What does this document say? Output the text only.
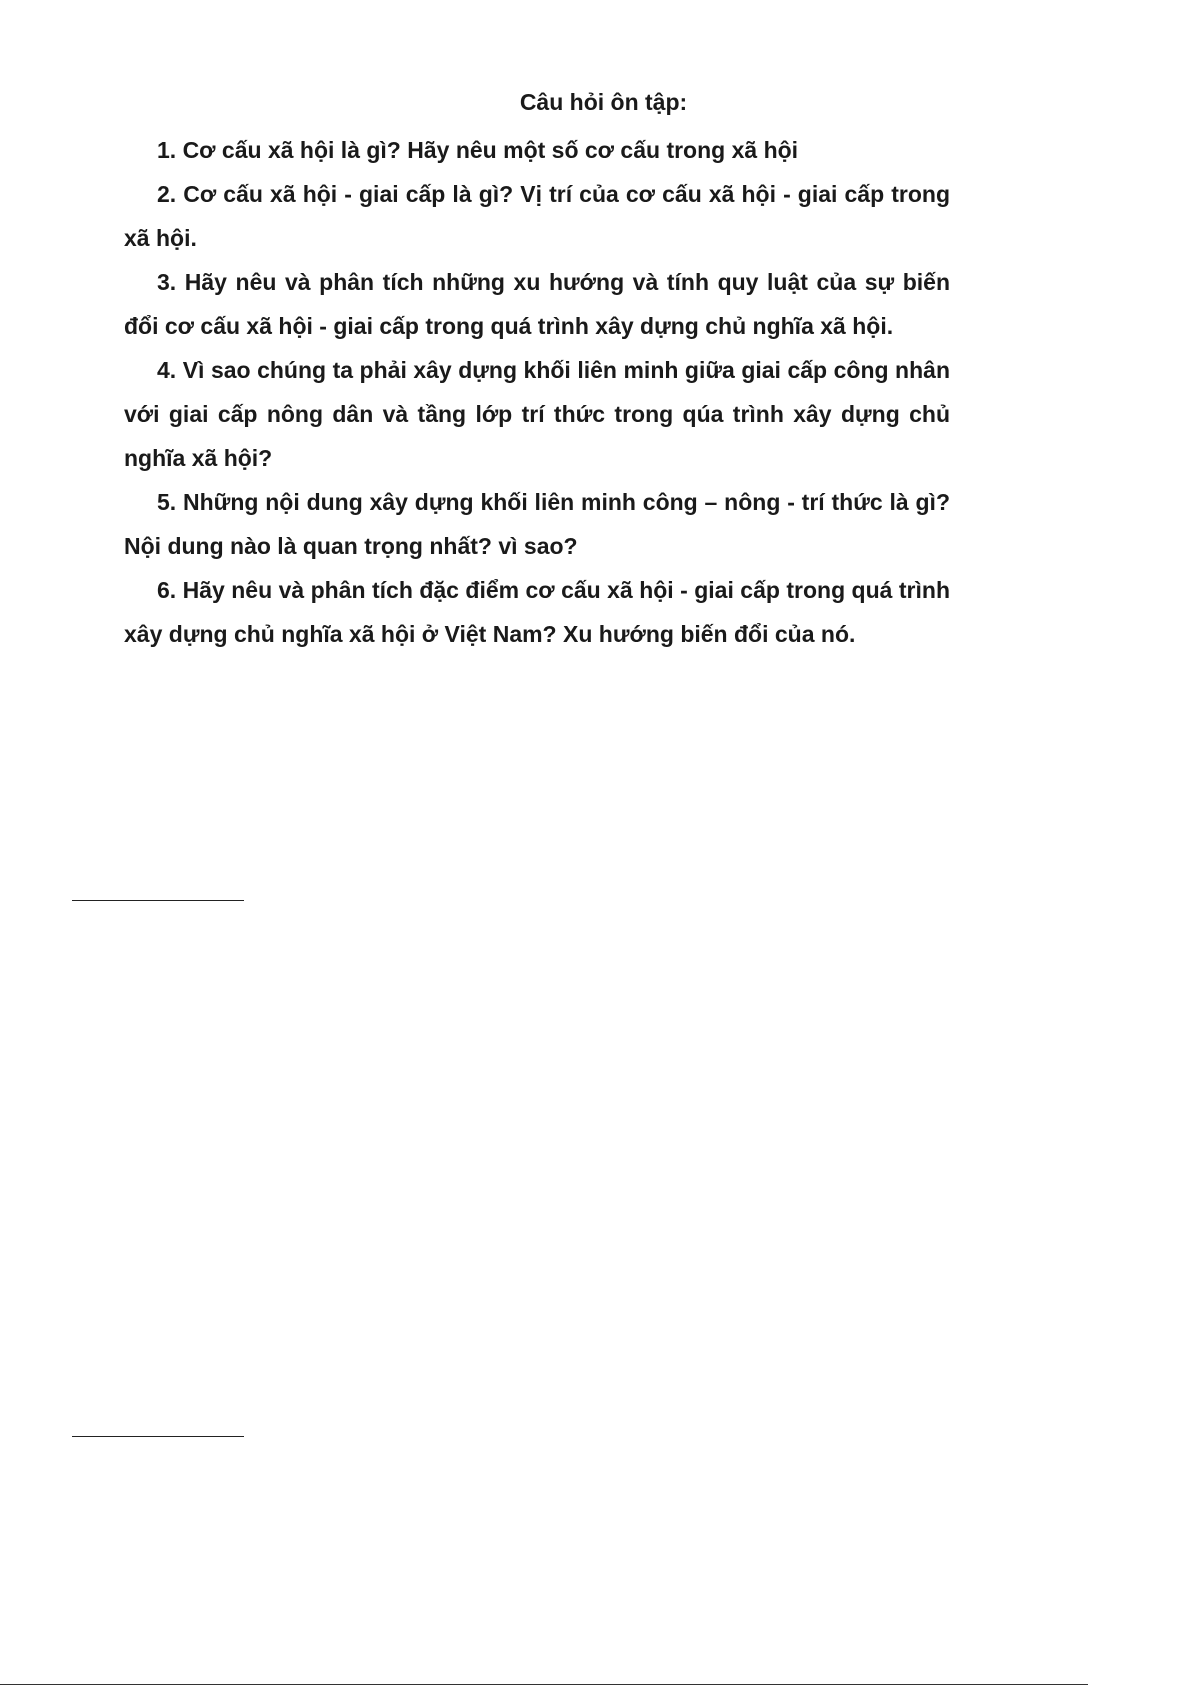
Câu hỏi ôn tập:
1. Cơ cấu xã hội là gì? Hãy nêu một số cơ cấu trong xã hội
2. Cơ cấu xã hội - giai cấp là gì? Vị trí của cơ cấu xã hội - giai cấp trong xã hội.
3. Hãy nêu và phân tích những xu hướng và tính quy luật của sự biến đổi cơ cấu xã hội - giai cấp trong quá trình xây dựng chủ nghĩa xã hội.
4. Vì sao chúng ta phải xây dựng khối liên minh giữa giai cấp công nhân với giai cấp nông dân và tầng lớp trí thức trong qúa trình xây dựng chủ nghĩa xã hội?
5. Những nội dung xây dựng khối liên minh công – nông - trí thức là gì? Nội dung nào là quan trọng nhất? vì sao?
6. Hãy nêu và phân tích đặc điểm cơ cấu xã hội - giai cấp trong quá trình xây dựng chủ nghĩa xã hội ở Việt Nam? Xu hướng biến đổi của nó.
